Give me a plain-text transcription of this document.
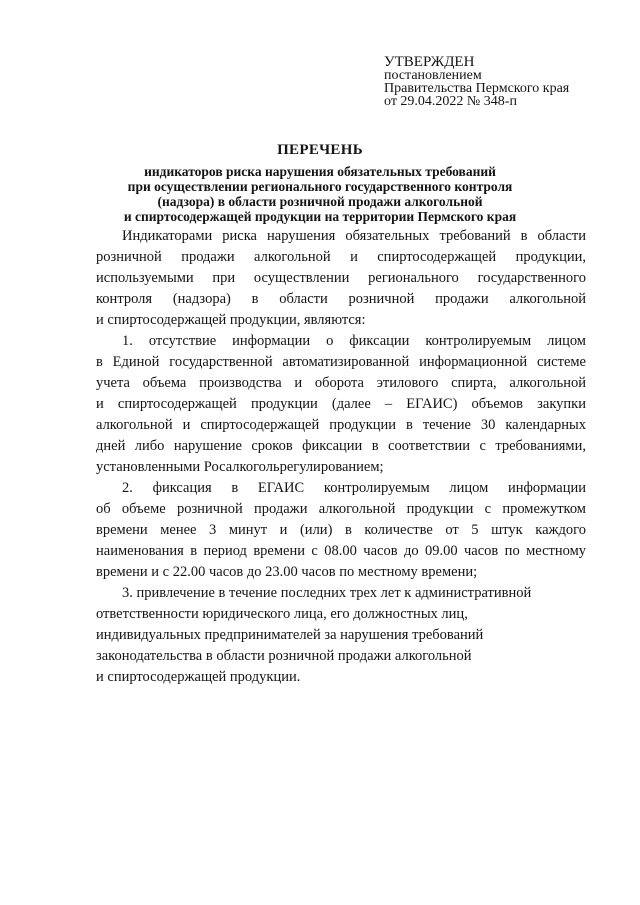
УТВЕРЖДЕН
постановлением
Правительства Пермского края
от 29.04.2022 № 348-п
ПЕРЕЧЕНЬ
индикаторов риска нарушения обязательных требований
при осуществлении регионального государственного контроля
(надзора) в области розничной продажи алкогольной
и спиртосодержащей продукции на территории Пермского края

Индикаторами риска нарушения обязательных требований в области
розничной продажи алкогольной и спиртосодержащей продукции,
используемыми при осуществлении регионального государственного
контроля (надзора) в области розничной продажи алкогольной
и спиртосодержащей продукции, являются:

1. отсутствие информации о фиксации контролируемым лицом
в Единой государственной автоматизированной информационной системе
учета объема производства и оборота этилового спирта, алкогольной
и спиртосодержащей продукции (далее – ЕГАИС) объемов закупки
алкогольной и спиртосодержащей продукции в течение 30 календарных
дней либо нарушение сроков фиксации в соответствии с требованиями,
установленными Росалкогольрегулированием;

2. фиксация в ЕГАИС контролируемым лицом информации
об объеме розничной продажи алкогольной продукции с промежутком
времени менее 3 минут и (или) в количестве от 5 штук каждого
наименования в период времени с 08.00 часов до 09.00 часов по местному
времени и с 22.00 часов до 23.00 часов по местному времени;

3. привлечение в течение последних трех лет к административной
ответственности юридического лица, его должностных лиц,
индивидуальных предпринимателей за нарушения требований
законодательства в области розничной продажи алкогольной
и спиртосодержащей продукции.
